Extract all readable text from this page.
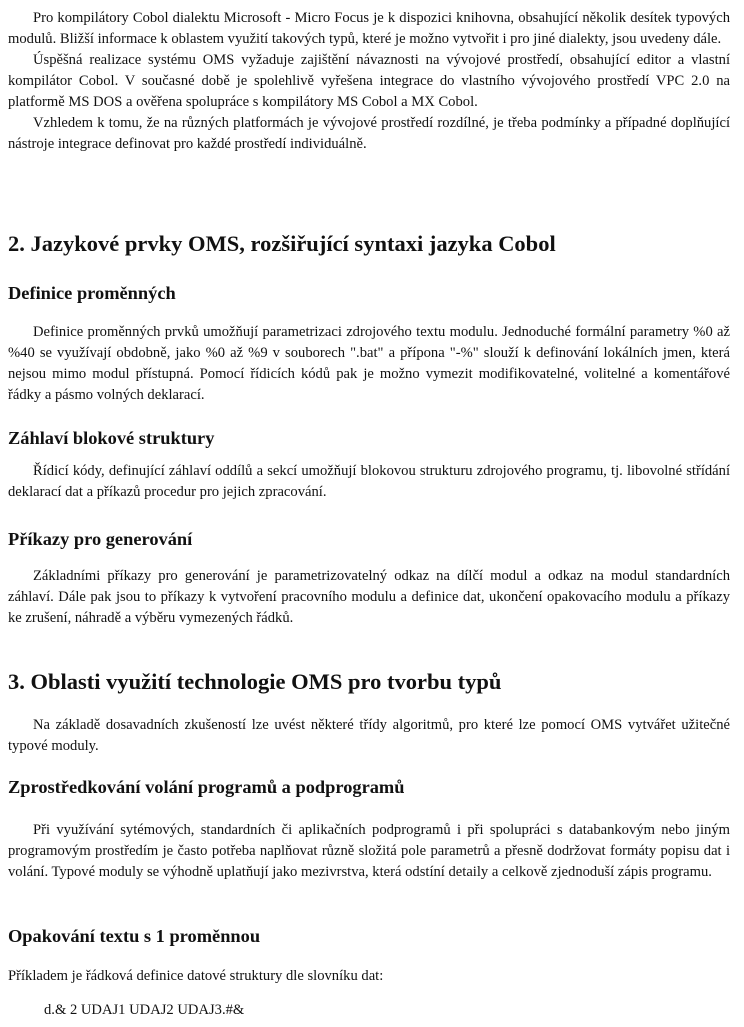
Pro kompilátory Cobol dialektu Microsoft - Micro Focus je k dispozici knihovna, obsahující několik desítek typových modulů. Bližší informace k oblastem využití takových typů, které je možno vytvořit i pro jiné dialekty, jsou uvedeny dále.

Úspěšná realizace systému OMS vyžaduje zajištění návaznosti na vývojové prostředí, obsahující editor a vlastní kompilátor Cobol. V současné době je spolehlivě vyřešena integrace do vlastního vývojového prostředí VPC 2.0 na platformě MS DOS a ověřena spolupráce s kompilátory MS Cobol a MX Cobol.

Vzhledem k tomu, že na různých platformách je vývojové prostředí rozdílné, je třeba podmínky a případné doplňující nástroje integrace definovat pro každé prostředí individuálně.

2. Jazykové prvky OMS, rozšiřující syntaxi jazyka Cobol
Definice proměnných

Definice proměnných prvků umožňují parametrizaci zdrojového textu modulu. Jednoduché formální parametry %0 až %40 se využívají obdobně, jako %0 až %9 v souborech ".bat" a přípona "-%" slouží k definování lokálních jmen, která nejsou mimo modul přístupná. Pomocí řídicích kódů pak je možno vymezit modifikovatelné, volitelné a komentářové řádky a pásmo volných deklarací.

Záhlaví blokové struktury

Řídicí kódy, definující záhlaví oddílů a sekcí umožňují blokovou strukturu zdrojového programu, tj. libovolné střídání deklarací dat a příkazů procedur pro jejich zpracování.

Příkazy pro generování

Základními příkazy pro generování je parametrizovatelný odkaz na dílčí modul a odkaz na modul standardních záhlaví. Dále pak jsou to příkazy k vytvoření pracovního modulu a definice dat, ukončení opakovacího modulu a příkazy ke zrušení, náhradě a výběru vymezených řádků.

3. Oblasti využití technologie OMS pro tvorbu typů

Na základě dosavadních zkušeností lze uvést některé třídy algoritmů, pro které lze pomocí OMS vytvářet užitečné typové moduly.

Zprostředkování volání programů a podprogramů

Při využívání sytémových, standardních či aplikačních podprogramů i při spolupráci s databankovým nebo jiným programovým prostředím je často potřeba naplňovat různě složitá pole parametrů a přesně dodržovat formáty popisu dat i volání. Typové moduly se výhodně uplatňují jako mezivrstva, která odstíní detaily a celkově zjednoduší zápis programu.

Opakování textu s 1 proměnnou

Příkladem je řádková definice datové struktury dle slovníku dat:

d.& 2 UDAJ1 UDAJ2 UDAJ3.#&
